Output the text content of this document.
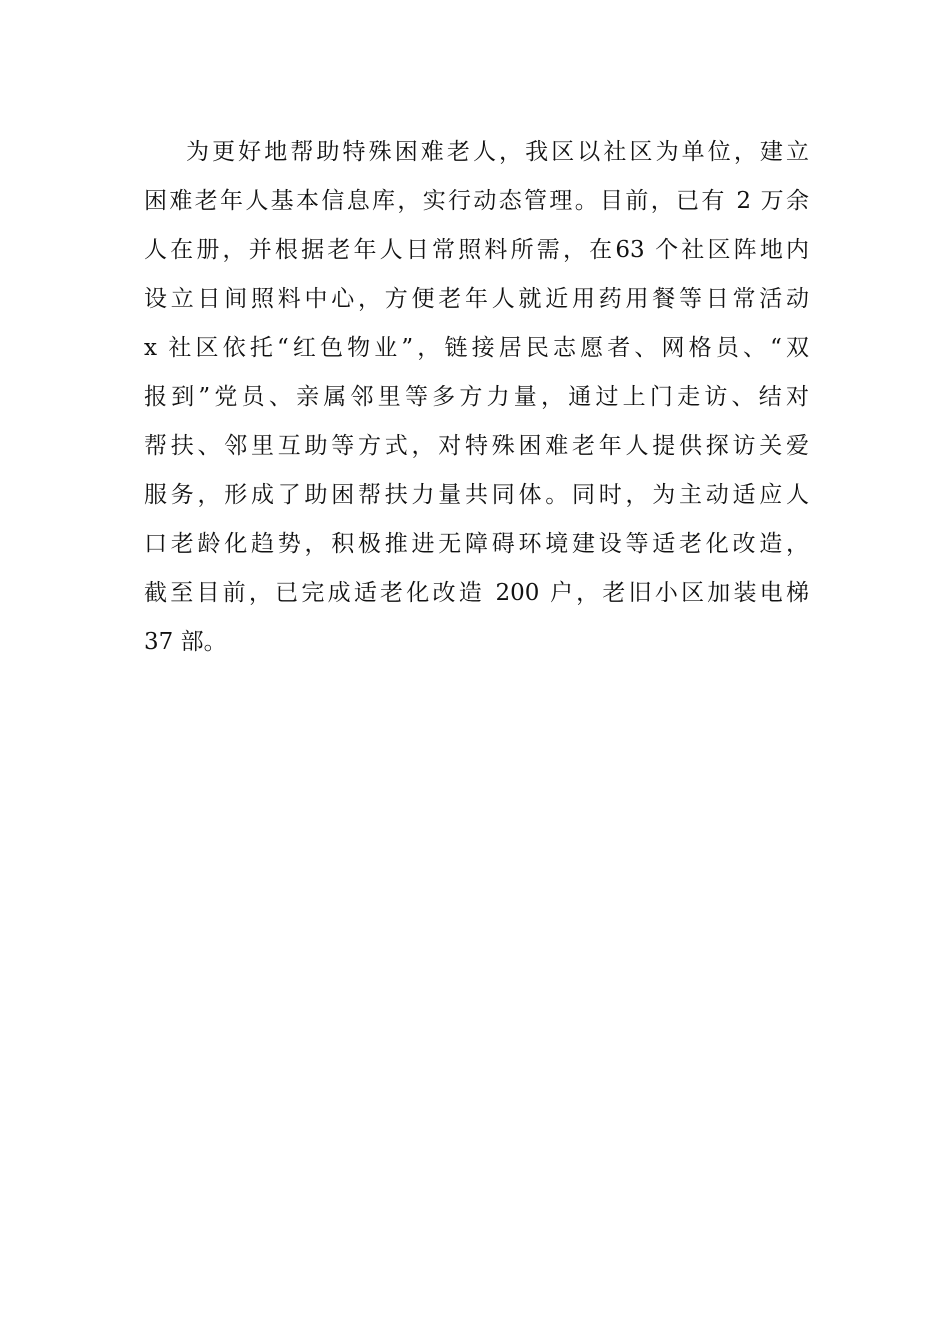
为更好地帮助特殊困难老人，我区以社区为单位，建立
困难老年人基本信息库，实行动态管理。目前，已有 2 万余
人在册，并根据老年人日常照料所需，在63 个社区阵地内
设立日间照料中心，方便老年人就近用药用餐等日常活动
x 社区依托“红色物业”，链接居民志愿者、网格员、“双
报到”党员、亲属邻里等多方力量，通过上门走访、结对
帮扶、邻里互助等方式，对特殊困难老年人提供探访关爱
服务，形成了助困帮扶力量共同体。同时，为主动适应人
口老龄化趋势，积极推进无障碍环境建设等适老化改造，
截至目前，已完成适老化改造 200 户，老旧小区加装电梯
37 部。
